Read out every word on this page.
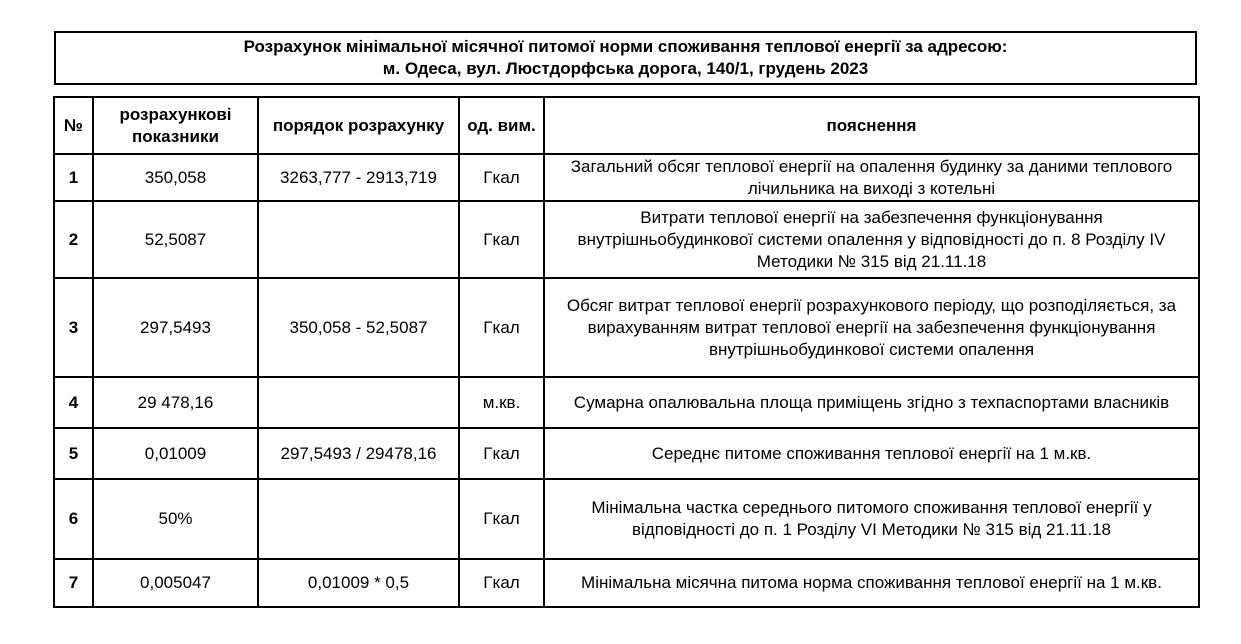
Розрахунок мінімальної місячної питомої норми споживання теплової енергії за адресою:
м. Одеса, вул. Люстдорфська дорога, 140/1, грудень 2023
№	розрахункові показники	порядок розрахунку	од. вим.	пояснення
1	350,058	3263,777 - 2913,719	Гкал	Загальний обсяг теплової енергії на опалення будинку за даними теплового лічильника на виході з котельні
2	52,5087		Гкал	Витрати теплової енергії на забезпечення функціонування внутрішньобудинкової системи опалення у відповідності до п. 8 Розділу IV Методики № 315 від 21.11.18
3	297,5493	350,058 - 52,5087	Гкал	Обсяг витрат теплової енергії розрахункового періоду, що розподіляється, за вирахуванням витрат теплової енергії на забезпечення функціонування внутрішньобудинкової системи опалення
4	29 478,16		м.кв.	Сумарна опалювальна площа приміщень згідно з техпаспортами власників
5	0,01009	297,5493 / 29478,16	Гкал	Середнє питоме споживання теплової енергії на 1 м.кв.
6	50%		Гкал	Мінімальна частка середнього питомого споживання теплової енергії у відповідності до п. 1 Розділу VI Методики № 315 від 21.11.18
7	0,005047	0,01009 * 0,5	Гкал	Мінімальна місячна питома норма споживання теплової енергії на 1 м.кв.
